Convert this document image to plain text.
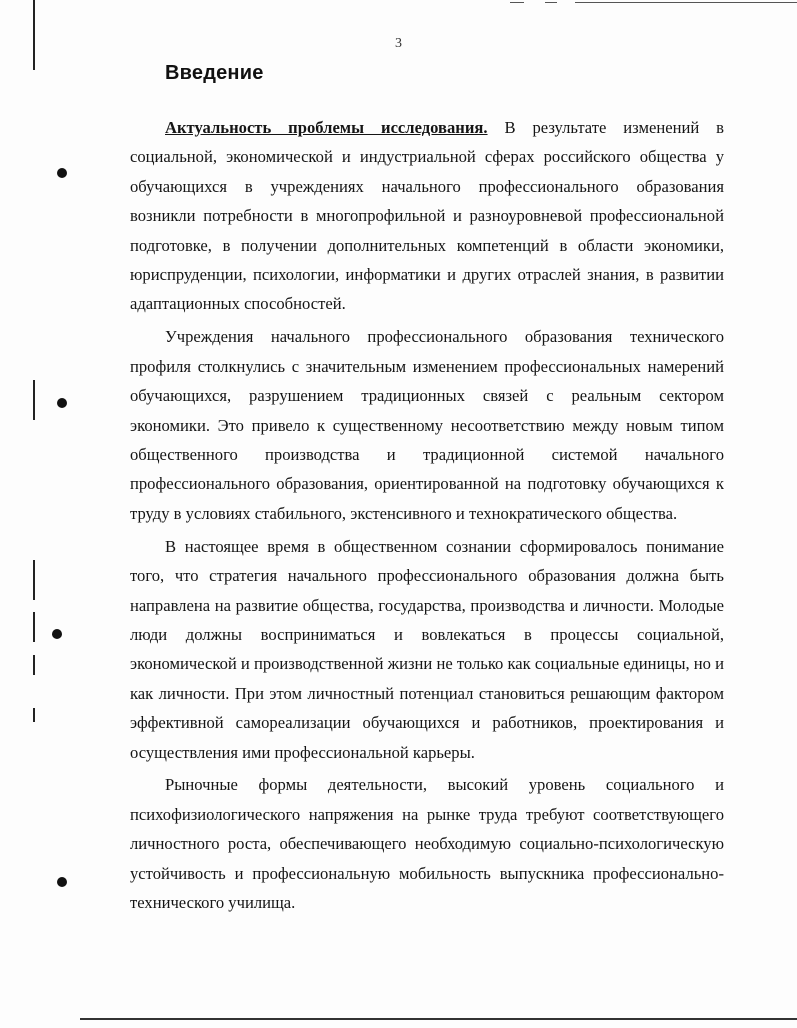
3
Введение

Актуальность проблемы исследования. В результате изменений в социальной, экономической и индустриальной сферах российского общества у обучающихся в учреждениях начального профессионального образования возникли потребности в многопрофильной и разноуровневой профессиональной подготовке, в получении дополнительных компетенций в области экономики, юриспруденции, психологии, информатики и других отраслей знания, в развитии адаптационных способностей.

Учреждения начального профессионального образования технического профиля столкнулись с значительным изменением профессиональных намерений обучающихся, разрушением традиционных связей с реальным сектором экономики. Это привело к существенному несоответствию между новым типом общественного производства и традиционной системой начального профессионального образования, ориентированной на подготовку обучающихся к труду в условиях стабильного, экстенсивного и технократического общества.

В настоящее время в общественном сознании сформировалось понимание того, что стратегия начального профессионального образования должна быть направлена на развитие общества, государства, производства и личности. Молодые люди должны восприниматься и вовлекаться в процессы социальной, экономической и производственной жизни не только как социальные единицы, но и как личности. При этом личностный потенциал становиться решающим фактором эффективной самореализации обучающихся и работников, проектирования и осуществления ими профессиональной карьеры.

Рыночные формы деятельности, высокий уровень социального и психофизиологического напряжения на рынке труда требуют соответствующего личностного роста, обеспечивающего необходимую социально-психологическую устойчивость и профессиональную мобильность выпускника профессионально-технического училища.
